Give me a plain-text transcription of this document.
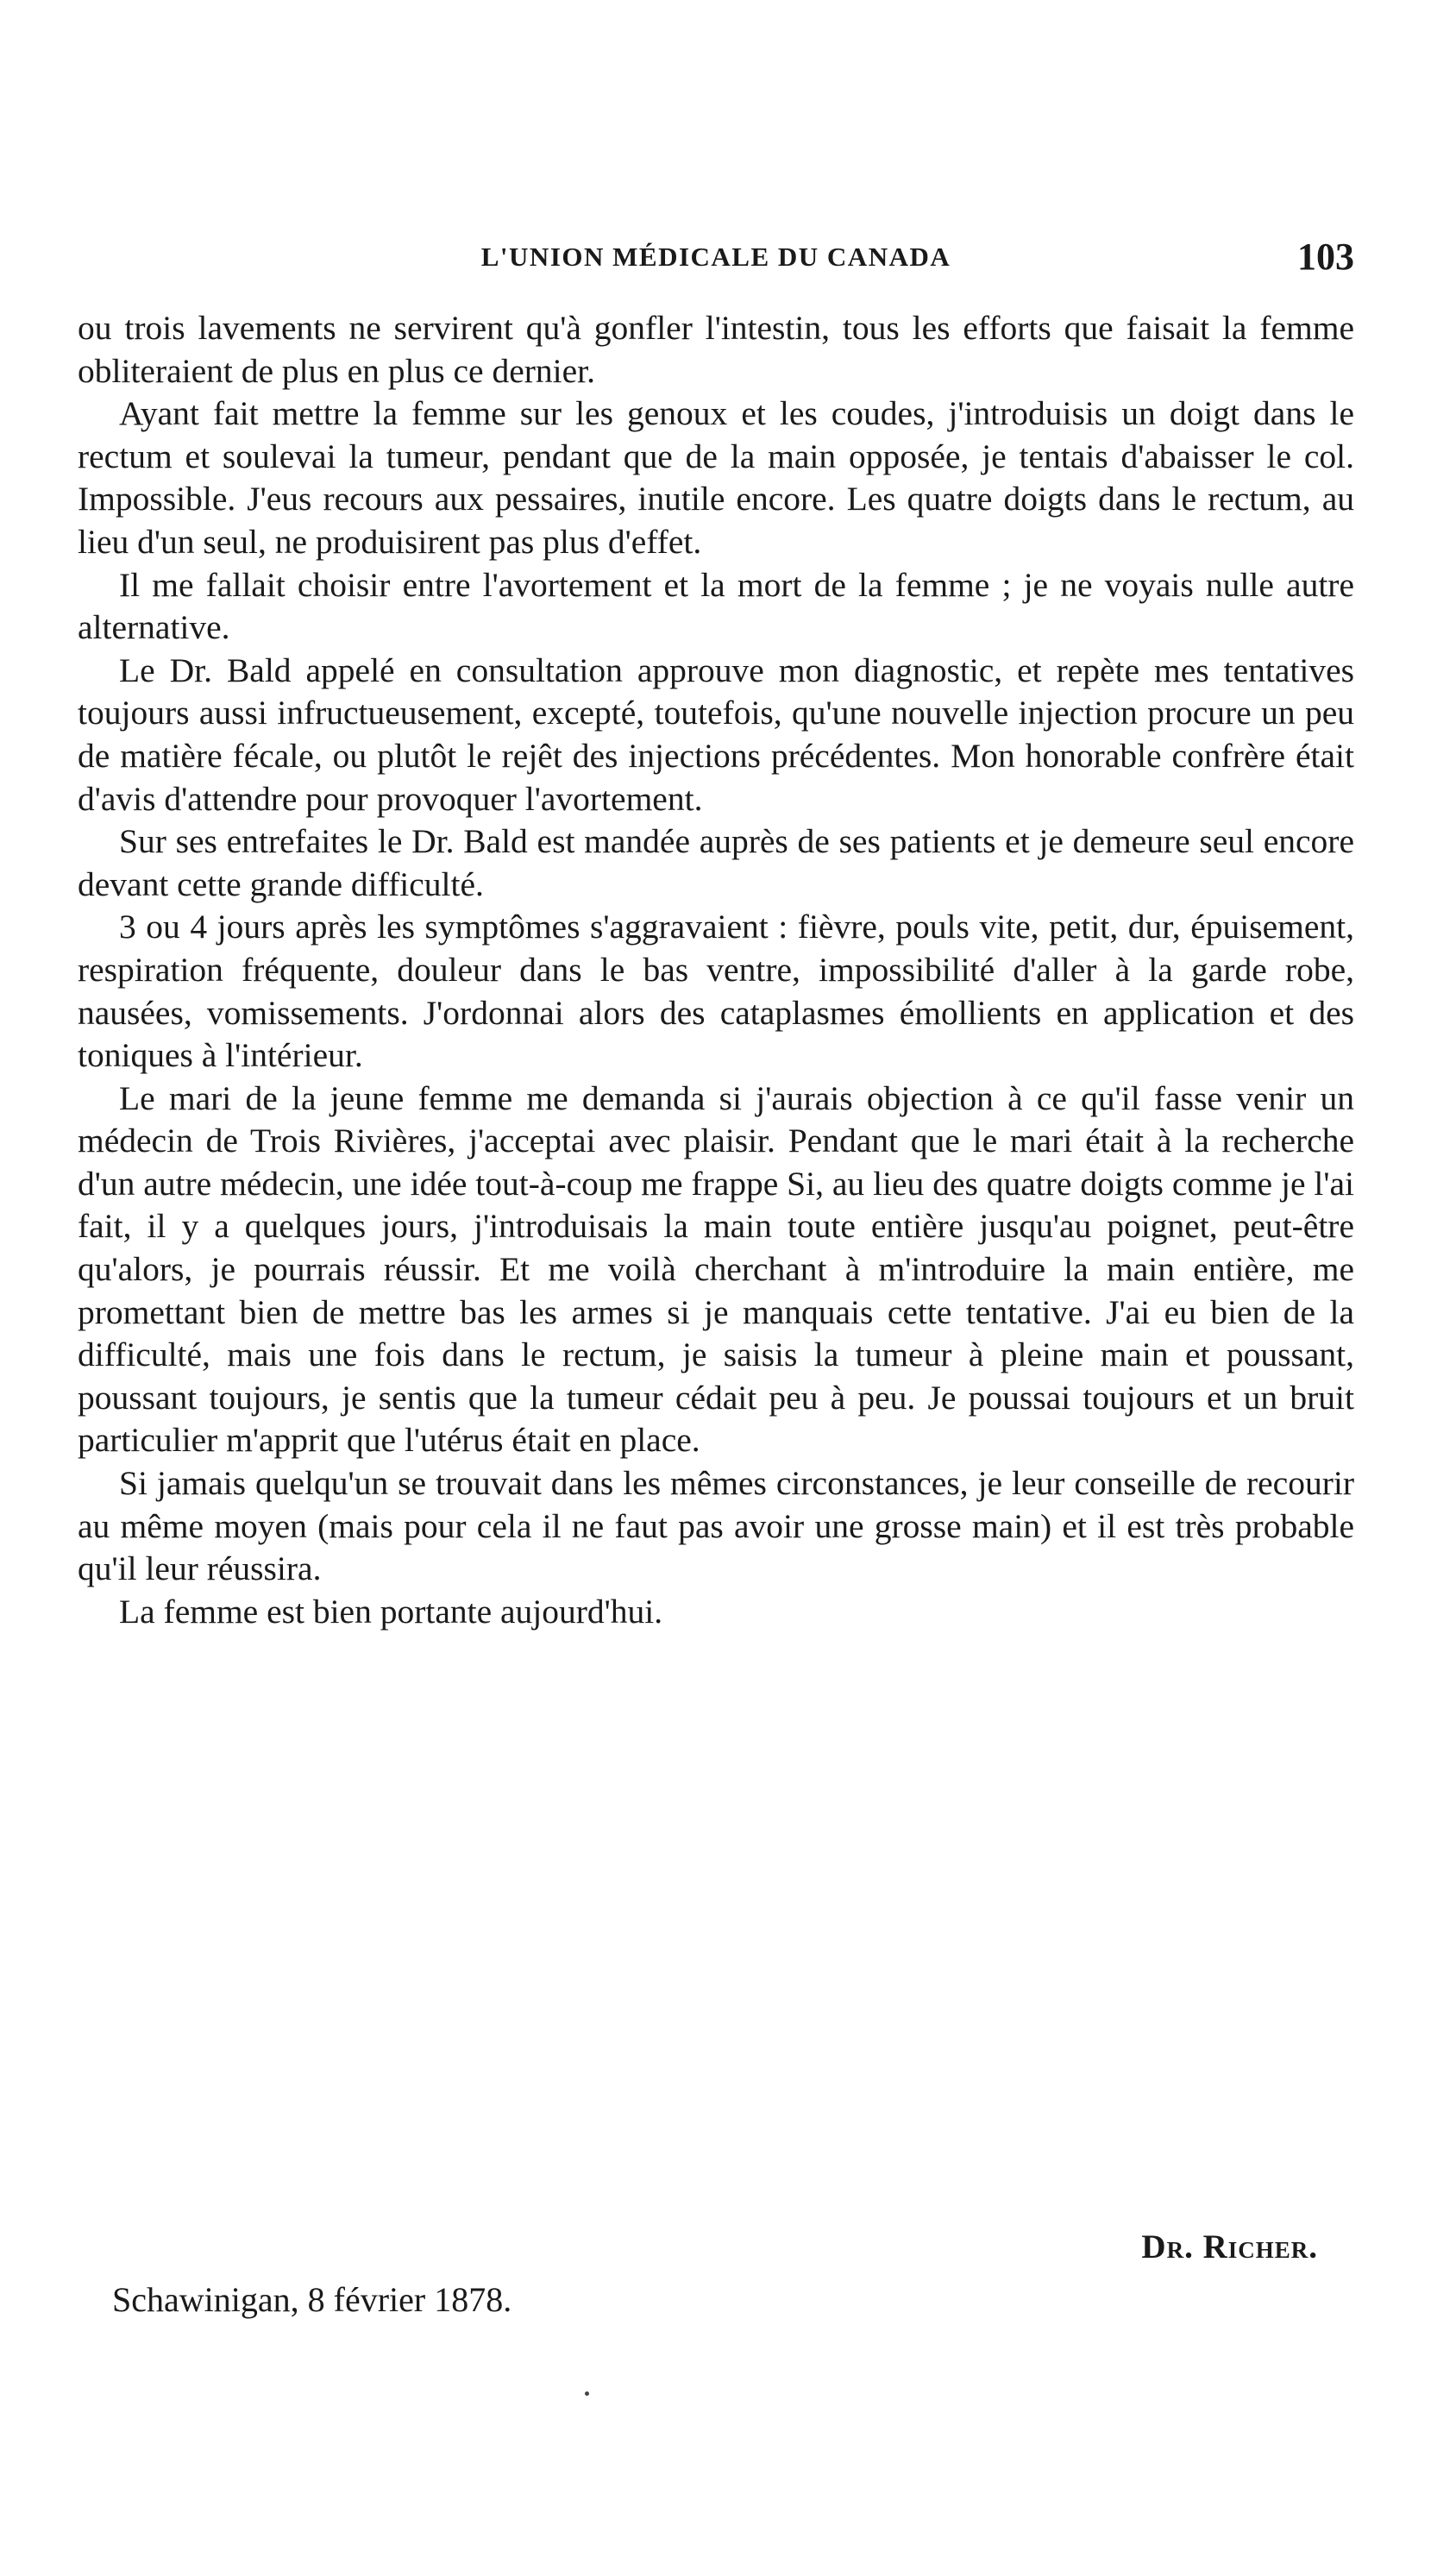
L'UNION MÉDICALE DU CANADA	103

ou trois lavements ne servirent qu'à gonfler l'intestin, tous les efforts que faisait la femme obliteraient de plus en plus ce dernier.

Ayant fait mettre la femme sur les genoux et les coudes, j'introduisis un doigt dans le rectum et soulevai la tumeur, pendant que de la main opposée, je tentais d'abaisser le col. Impossible. J'eus recours aux pessaires, inutile encore. Les quatre doigts dans le rectum, au lieu d'un seul, ne produisirent pas plus d'effet.

Il me fallait choisir entre l'avortement et la mort de la femme ; je ne voyais nulle autre alternative.

Le Dr. Bald appelé en consultation approuve mon diagnostic, et repète mes tentatives toujours aussi infructueusement, excepté, toutefois, qu'une nouvelle injection procure un peu de matière fécale, ou plutôt le rejêt des injections précédentes. Mon honorable confrère était d'avis d'attendre pour provoquer l'avortement.

Sur ses entrefaites le Dr. Bald est mandée auprès de ses patients et je demeure seul encore devant cette grande difficulté.

3 ou 4 jours après les symptômes s'aggravaient : fièvre, pouls vite, petit, dur, épuisement, respiration fréquente, douleur dans le bas ventre, impossibilité d'aller à la garde robe, nausées, vomissements. J'ordonnai alors des cataplasmes émollients en application et des toniques à l'intérieur.

Le mari de la jeune femme me demanda si j'aurais objection à ce qu'il fasse venir un médecin de Trois Rivières, j'acceptai avec plaisir. Pendant que le mari était à la recherche d'un autre médecin, une idée tout-à-coup me frappe Si, au lieu des quatre doigts comme je l'ai fait, il y a quelques jours, j'introduisais la main toute entière jusqu'au poignet, peut-être qu'alors, je pourrais réussir. Et me voilà cherchant à m'introduire la main entière, me promettant bien de mettre bas les armes si je manquais cette tentative. J'ai eu bien de la difficulté, mais une fois dans le rectum, je saisis la tumeur à pleine main et poussant, poussant toujours, je sentis que la tumeur cédait peu à peu. Je poussai toujours et un bruit particulier m'apprit que l'utérus était en place.

Si jamais quelqu'un se trouvait dans les mêmes circonstances, je leur conseille de recourir au même moyen (mais pour cela il ne faut pas avoir une grosse main) et il est très probable qu'il leur réussira.

La femme est bien portante aujourd'hui.

Dr. Richer.
Schawinigan, 8 février 1878.
